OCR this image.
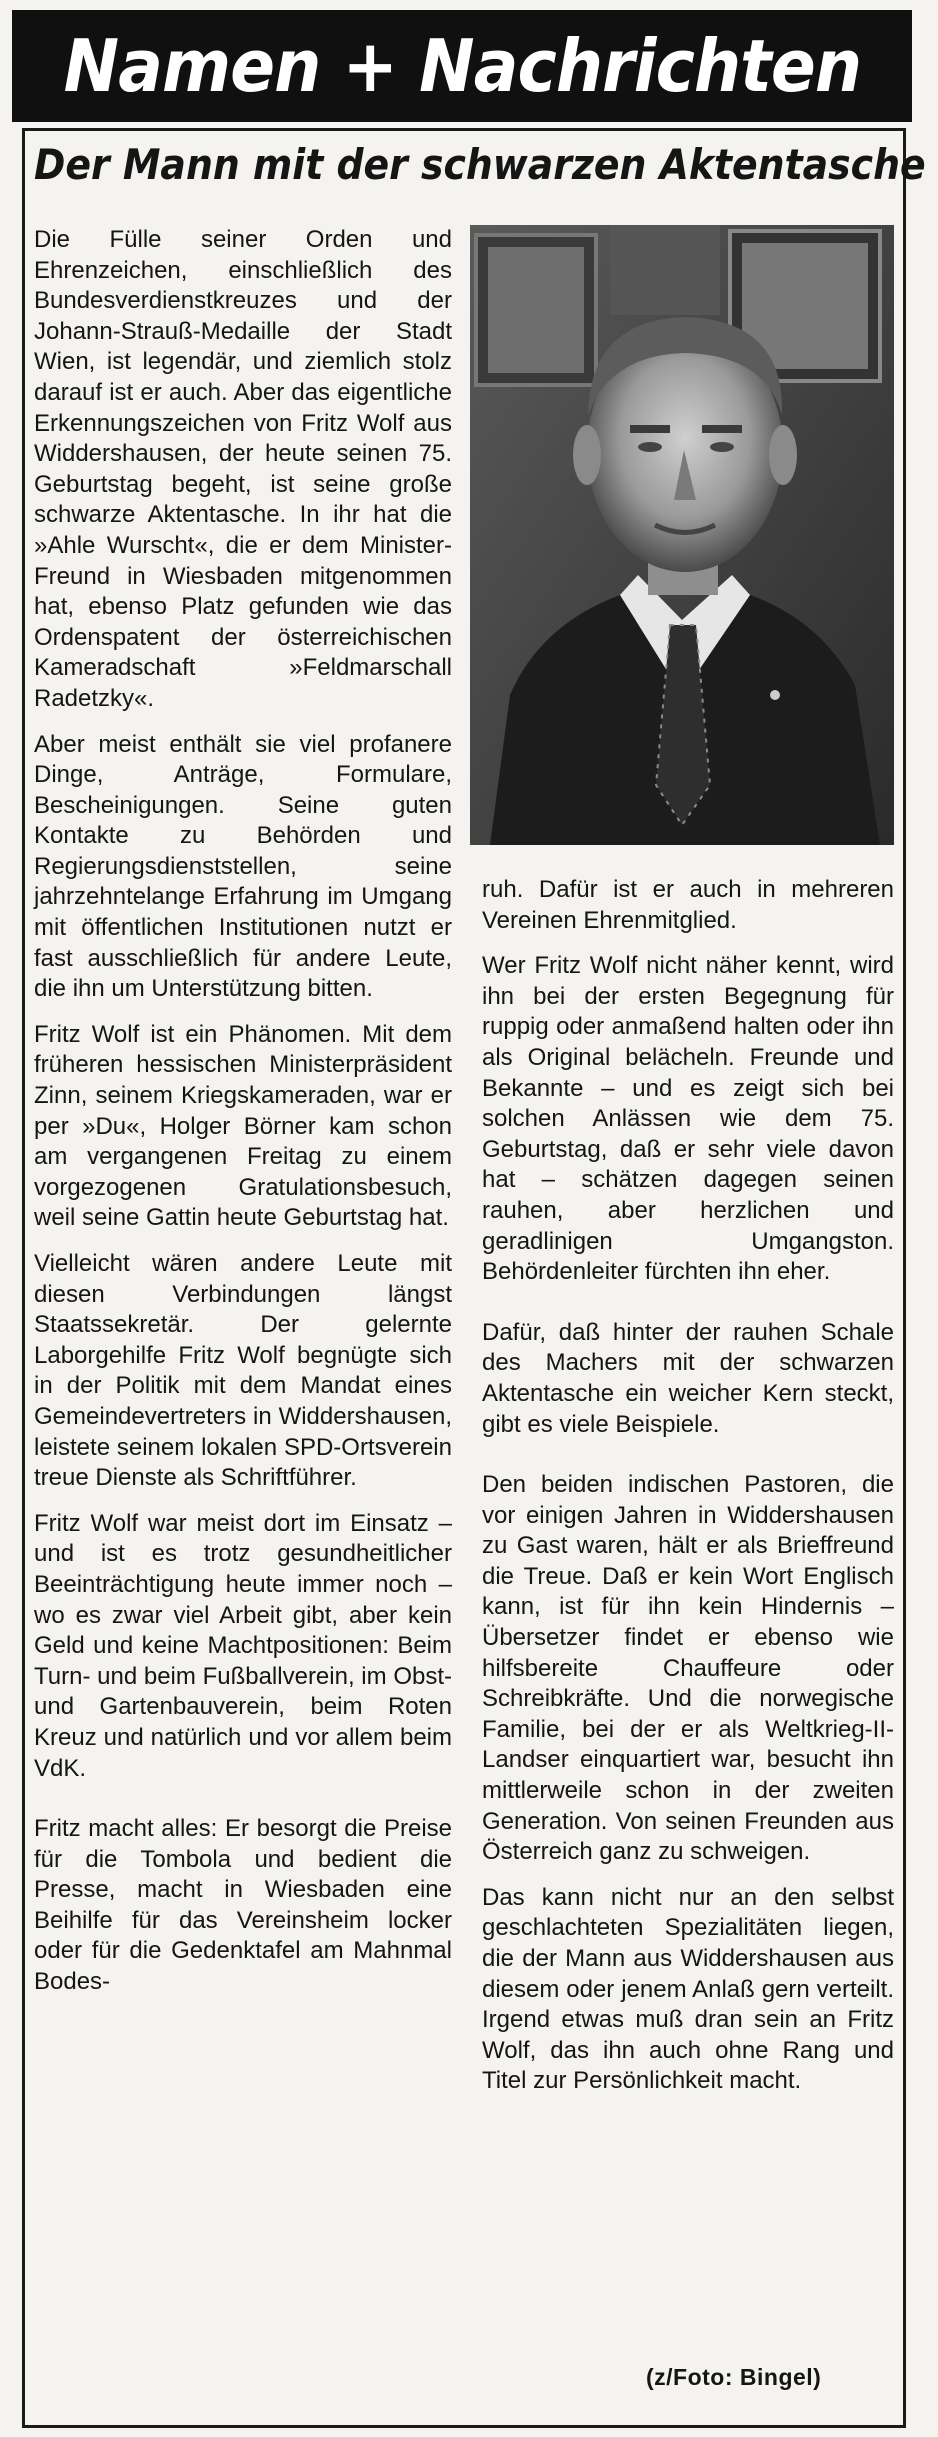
Namen + Nachrichten
Der Mann mit der schwarzen Aktentasche

Die Fülle seiner Orden und Ehrenzeichen, einschließlich des Bundesverdienstkreuzes und der Johann-Strauß-Medaille der Stadt Wien, ist legendär, und ziemlich stolz darauf ist er auch. Aber das eigentliche Erkennungszeichen von Fritz Wolf aus Widdershausen, der heute seinen 75. Geburtstag begeht, ist seine große schwarze Aktentasche. In ihr hat die »Ahle Wurscht«, die er dem Minister-Freund in Wiesbaden mitgenommen hat, ebenso Platz gefunden wie das Ordenspatent der österreichischen Kameradschaft »Feldmarschall Radetzky«.

Aber meist enthält sie viel profanere Dinge, Anträge, Formulare, Bescheinigungen. Seine guten Kontakte zu Behörden und Regierungsdienststellen, seine jahrzehntelange Erfahrung im Umgang mit öffentlichen Institutionen nutzt er fast ausschließlich für andere Leute, die ihn um Unterstützung bitten.

Fritz Wolf ist ein Phänomen. Mit dem früheren hessischen Ministerpräsident Zinn, seinem Kriegskameraden, war er per »Du«, Holger Börner kam schon am vergangenen Freitag zu einem vorgezogenen Gratulationsbesuch, weil seine Gattin heute Geburtstag hat.

Vielleicht wären andere Leute mit diesen Verbindungen längst Staatssekretär. Der gelernte Laborgehilfe Fritz Wolf begnügte sich in der Politik mit dem Mandat eines Gemeindevertreters in Widdershausen, leistete seinem lokalen SPD-Ortsverein treue Dienste als Schriftführer.

Fritz Wolf war meist dort im Einsatz – und ist es trotz gesundheitlicher Beeinträchtigung heute immer noch – wo es zwar viel Arbeit gibt, aber kein Geld und keine Machtpositionen: Beim Turn- und beim Fußballverein, im Obst- und Gartenbauverein, beim Roten Kreuz und natürlich und vor allem beim VdK.

Fritz macht alles: Er besorgt die Preise für die Tombola und bedient die Presse, macht in Wiesbaden eine Beihilfe für das Vereinsheim locker oder für die Gedenktafel am Mahnmal Bodes-

ruh. Dafür ist er auch in mehreren Vereinen Ehrenmitglied.

Wer Fritz Wolf nicht näher kennt, wird ihn bei der ersten Begegnung für ruppig oder anmaßend halten oder ihn als Original belächeln. Freunde und Bekannte – und es zeigt sich bei solchen Anlässen wie dem 75. Geburtstag, daß er sehr viele davon hat – schätzen dagegen seinen rauhen, aber herzlichen und geradlinigen Umgangston. Behördenleiter fürchten ihn eher.

Dafür, daß hinter der rauhen Schale des Machers mit der schwarzen Aktentasche ein weicher Kern steckt, gibt es viele Beispiele.

Den beiden indischen Pastoren, die vor einigen Jahren in Widdershausen zu Gast waren, hält er als Brieffreund die Treue. Daß er kein Wort Englisch kann, ist für ihn kein Hindernis – Übersetzer findet er ebenso wie hilfsbereite Chauffeure oder Schreibkräfte. Und die norwegische Familie, bei der er als Weltkrieg-II-Landser einquartiert war, besucht ihn mittlerweile schon in der zweiten Generation. Von seinen Freunden aus Österreich ganz zu schweigen.

Das kann nicht nur an den selbst geschlachteten Spezialitäten liegen, die der Mann aus Widdershausen aus diesem oder jenem Anlaß gern verteilt. Irgend etwas muß dran sein an Fritz Wolf, das ihn auch ohne Rang und Titel zur Persönlichkeit macht.

(z/Foto: Bingel)
